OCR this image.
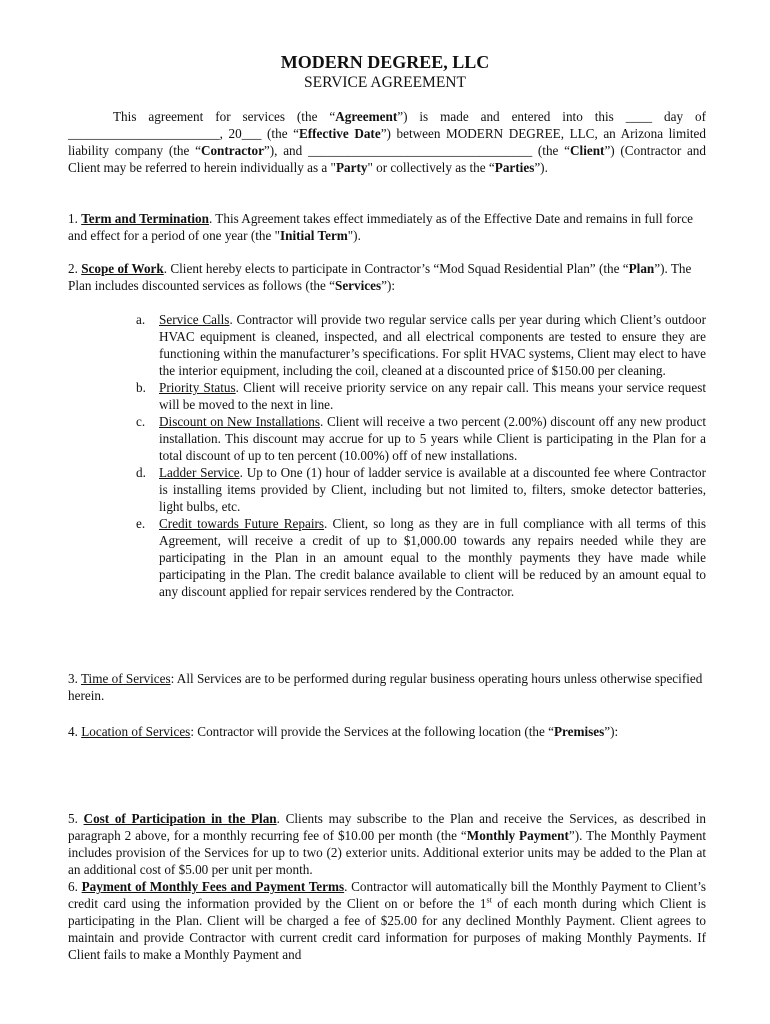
MODERN DEGREE, LLC
SERVICE AGREEMENT
This agreement for services (the “Agreement”) is made and entered into this ____ day of _______________________, 20___ (the “Effective Date”) between MODERN DEGREE, LLC, an Arizona limited liability company (the “Contractor”), and __________________________________ (the “Client”) (Contractor and Client may be referred to herein individually as a "Party" or collectively as the “Parties”).
1. Term and Termination. This Agreement takes effect immediately as of the Effective Date and remains in full force and effect for a period of one year (the "Initial Term").
2. Scope of Work. Client hereby elects to participate in Contractor’s “Mod Squad Residential Plan” (the “Plan”). The Plan includes discounted services as follows (the “Services”):
a.	Service Calls. Contractor will provide two regular service calls per year during which Client’s outdoor HVAC equipment is cleaned, inspected, and all electrical components are tested to ensure they are functioning within the manufacturer’s specifications. For split HVAC systems, Client may elect to have the interior equipment, including the coil, cleaned at a discounted price of $150.00 per cleaning.
b. Priority Status. Client will receive priority service on any repair call. This means your service request will be moved to the next in line.
c.	Discount on New Installations. Client will receive a two percent (2.00%) discount off any new product installation. This discount may accrue for up to 5 years while Client is participating in the Plan for a total discount of up to ten percent (10.00%) off of new installations.
d. Ladder Service. Up to One (1) hour of ladder service is available at a discounted fee where Contractor is installing items provided by Client, including but not limited to, filters, smoke detector batteries, light bulbs, etc.
e.	Credit towards Future Repairs. Client, so long as they are in full compliance with all terms of this Agreement, will receive a credit of up to $1,000.00 towards any repairs needed while they are participating in the Plan in an amount equal to the monthly payments they have made while participating in the Plan. The credit balance available to client will be reduced by an amount equal to any discount applied for repair services rendered by the Contractor.
3. Time of Services: All Services are to be performed during regular business operating hours unless otherwise specified herein.
4. Location of Services: Contractor will provide the Services at the following location (the “Premises”):
5. Cost of Participation in the Plan. Clients may subscribe to the Plan and receive the Services, as described in paragraph 2 above, for a monthly recurring fee of $10.00 per month (the “Monthly Payment”). The Monthly Payment includes provision of the Services for up to two (2) exterior units. Additional exterior units may be added to the Plan at an additional cost of $5.00 per unit per month.
6. Payment of Monthly Fees and Payment Terms. Contractor will automatically bill the Monthly Payment to Client’s credit card using the information provided by the Client on or before the 1st of each month during which Client is participating in the Plan. Client will be charged a fee of $25.00 for any declined Monthly Payment. Client agrees to maintain and provide Contractor with current credit card information for purposes of making Monthly Payments. If Client fails to make a Monthly Payment and
